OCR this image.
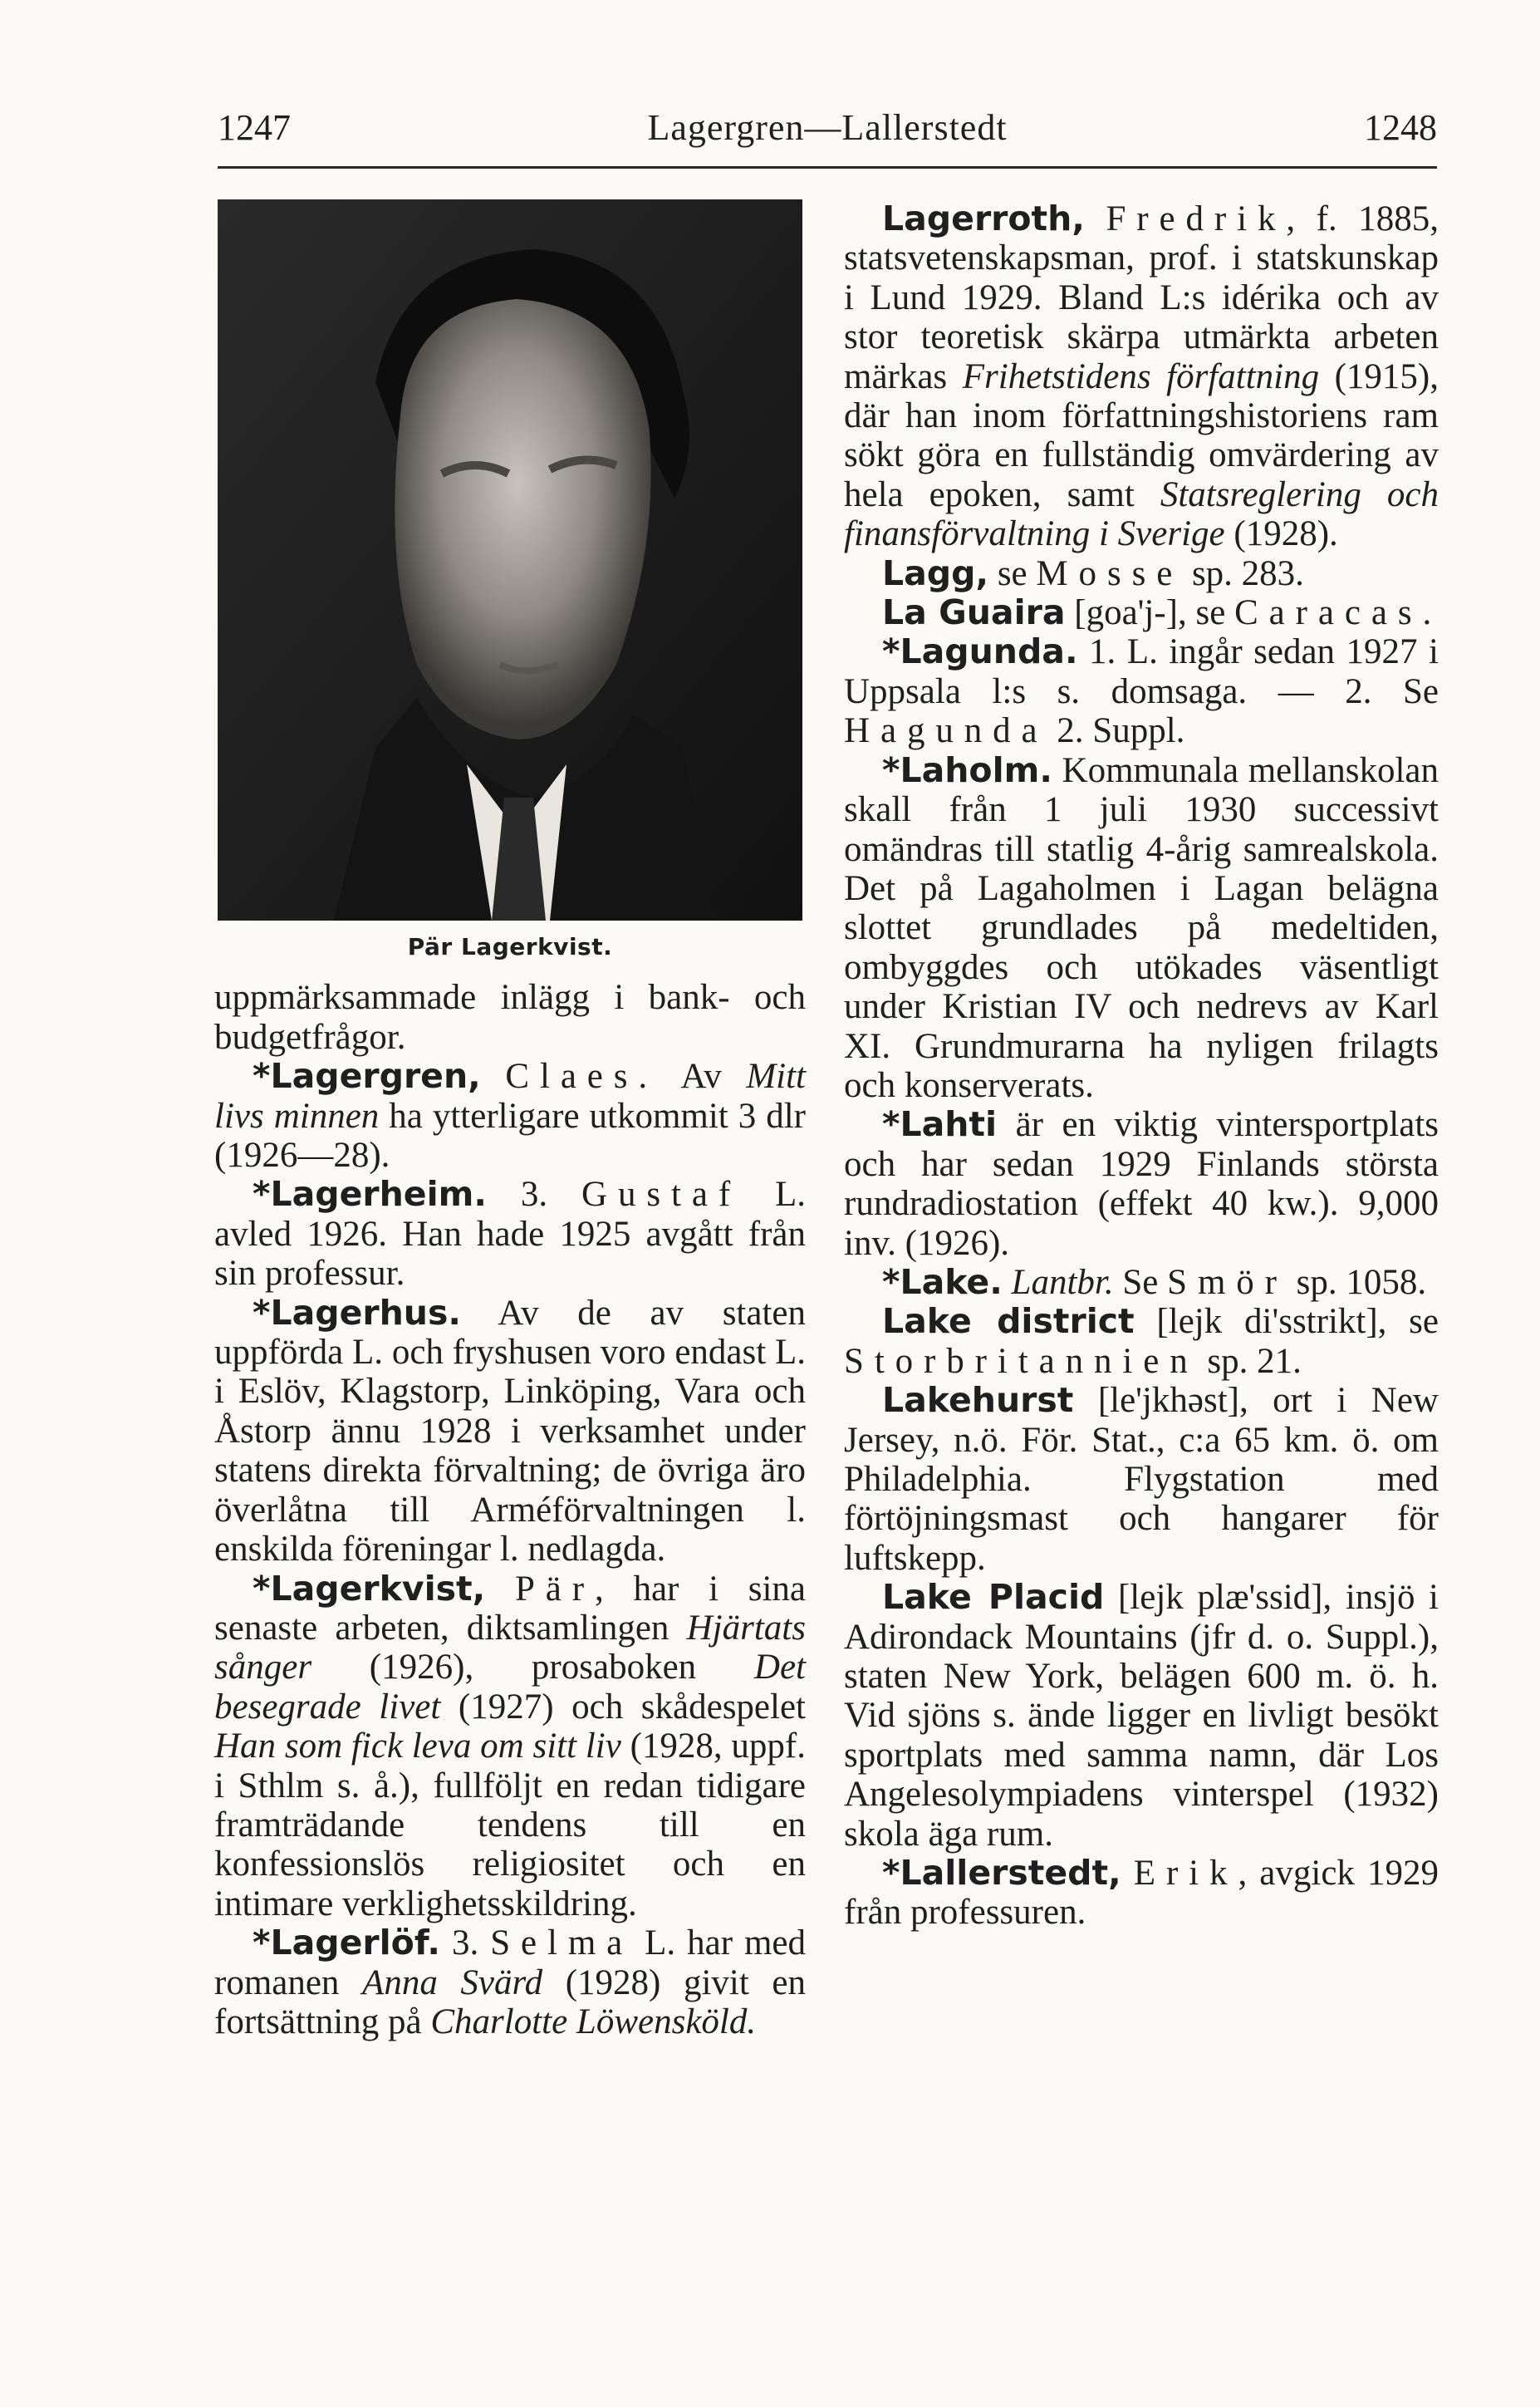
1247	Lagergren—Lallerstedt	1248
Pär Lagerkvist.

uppmärksammade inlägg i bank- och budgetfrågor.

*Lagergren, Claes. Av Mitt livs minnen ha ytterligare utkommit 3 dlr (1926—28).

*Lagerheim. 3. Gustaf L. avled 1926. Han hade 1925 avgått från sin professur.

*Lagerhus. Av de av staten uppförda L. och fryshusen voro endast L. i Eslöv, Klagstorp, Linköping, Vara och Åstorp ännu 1928 i verksamhet under statens direkta förvaltning; de övriga äro överlåtna till Arméförvaltningen l. enskilda föreningar l. nedlagda.

*Lagerkvist, Pär, har i sina senaste arbeten, diktsamlingen Hjärtats sånger (1926), prosaboken Det besegrade livet (1927) och skådespelet Han som fick leva om sitt liv (1928, uppf. i Sthlm s. å.), fullföljt en redan tidigare framträdande tendens till en konfessionslös religiositet och en intimare verklighetsskildring.

*Lagerlöf. 3. Selma L. har med romanen Anna Svärd (1928) givit en fortsättning på Charlotte Löwensköld.

Lagerroth, Fredrik, f. 1885, statsvetenskapsman, prof. i statskunskap i Lund 1929. Bland L:s idérika och av stor teoretisk skärpa utmärkta arbeten märkas Frihetstidens författning (1915), där han inom författningshistoriens ram sökt göra en fullständig omvärdering av hela epoken, samt Statsreglering och finansförvaltning i Sverige (1928).

Lagg, se Mosse sp. 283.

La Guaira [goa'j-], se Caracas.

*Lagunda. 1. L. ingår sedan 1927 i Uppsala l:s s. domsaga. — 2. Se Hagunda 2. Suppl.

*Laholm. Kommunala mellanskolan skall från 1 juli 1930 successivt omändras till statlig 4-årig samrealskola. Det på Lagaholmen i Lagan belägna slottet grundlades på medeltiden, ombyggdes och utökades väsentligt under Kristian IV och nedrevs av Karl XI. Grundmurarna ha nyligen frilagts och konserverats.

*Lahti är en viktig vintersportplats och har sedan 1929 Finlands största rundradiostation (effekt 40 kw.). 9,000 inv. (1926).

*Lake. Lantbr. Se Smör sp. 1058.

Lake district [lejk di'sstrikt], se Storbritannien sp. 21.

Lakehurst [le'jkhəst], ort i New Jersey, n.ö. För. Stat., c:a 65 km. ö. om Philadelphia. Flygstation med förtöjningsmast och hangarer för luftskepp.

Lake Placid [lejk plæ'ssid], insjö i Adirondack Mountains (jfr d. o. Suppl.), staten New York, belägen 600 m. ö. h. Vid sjöns s. ände ligger en livligt besökt sportplats med samma namn, där Los Angelesolympiadens vinterspel (1932) skola äga rum.

*Lallerstedt, Erik, avgick 1929 från professuren.
